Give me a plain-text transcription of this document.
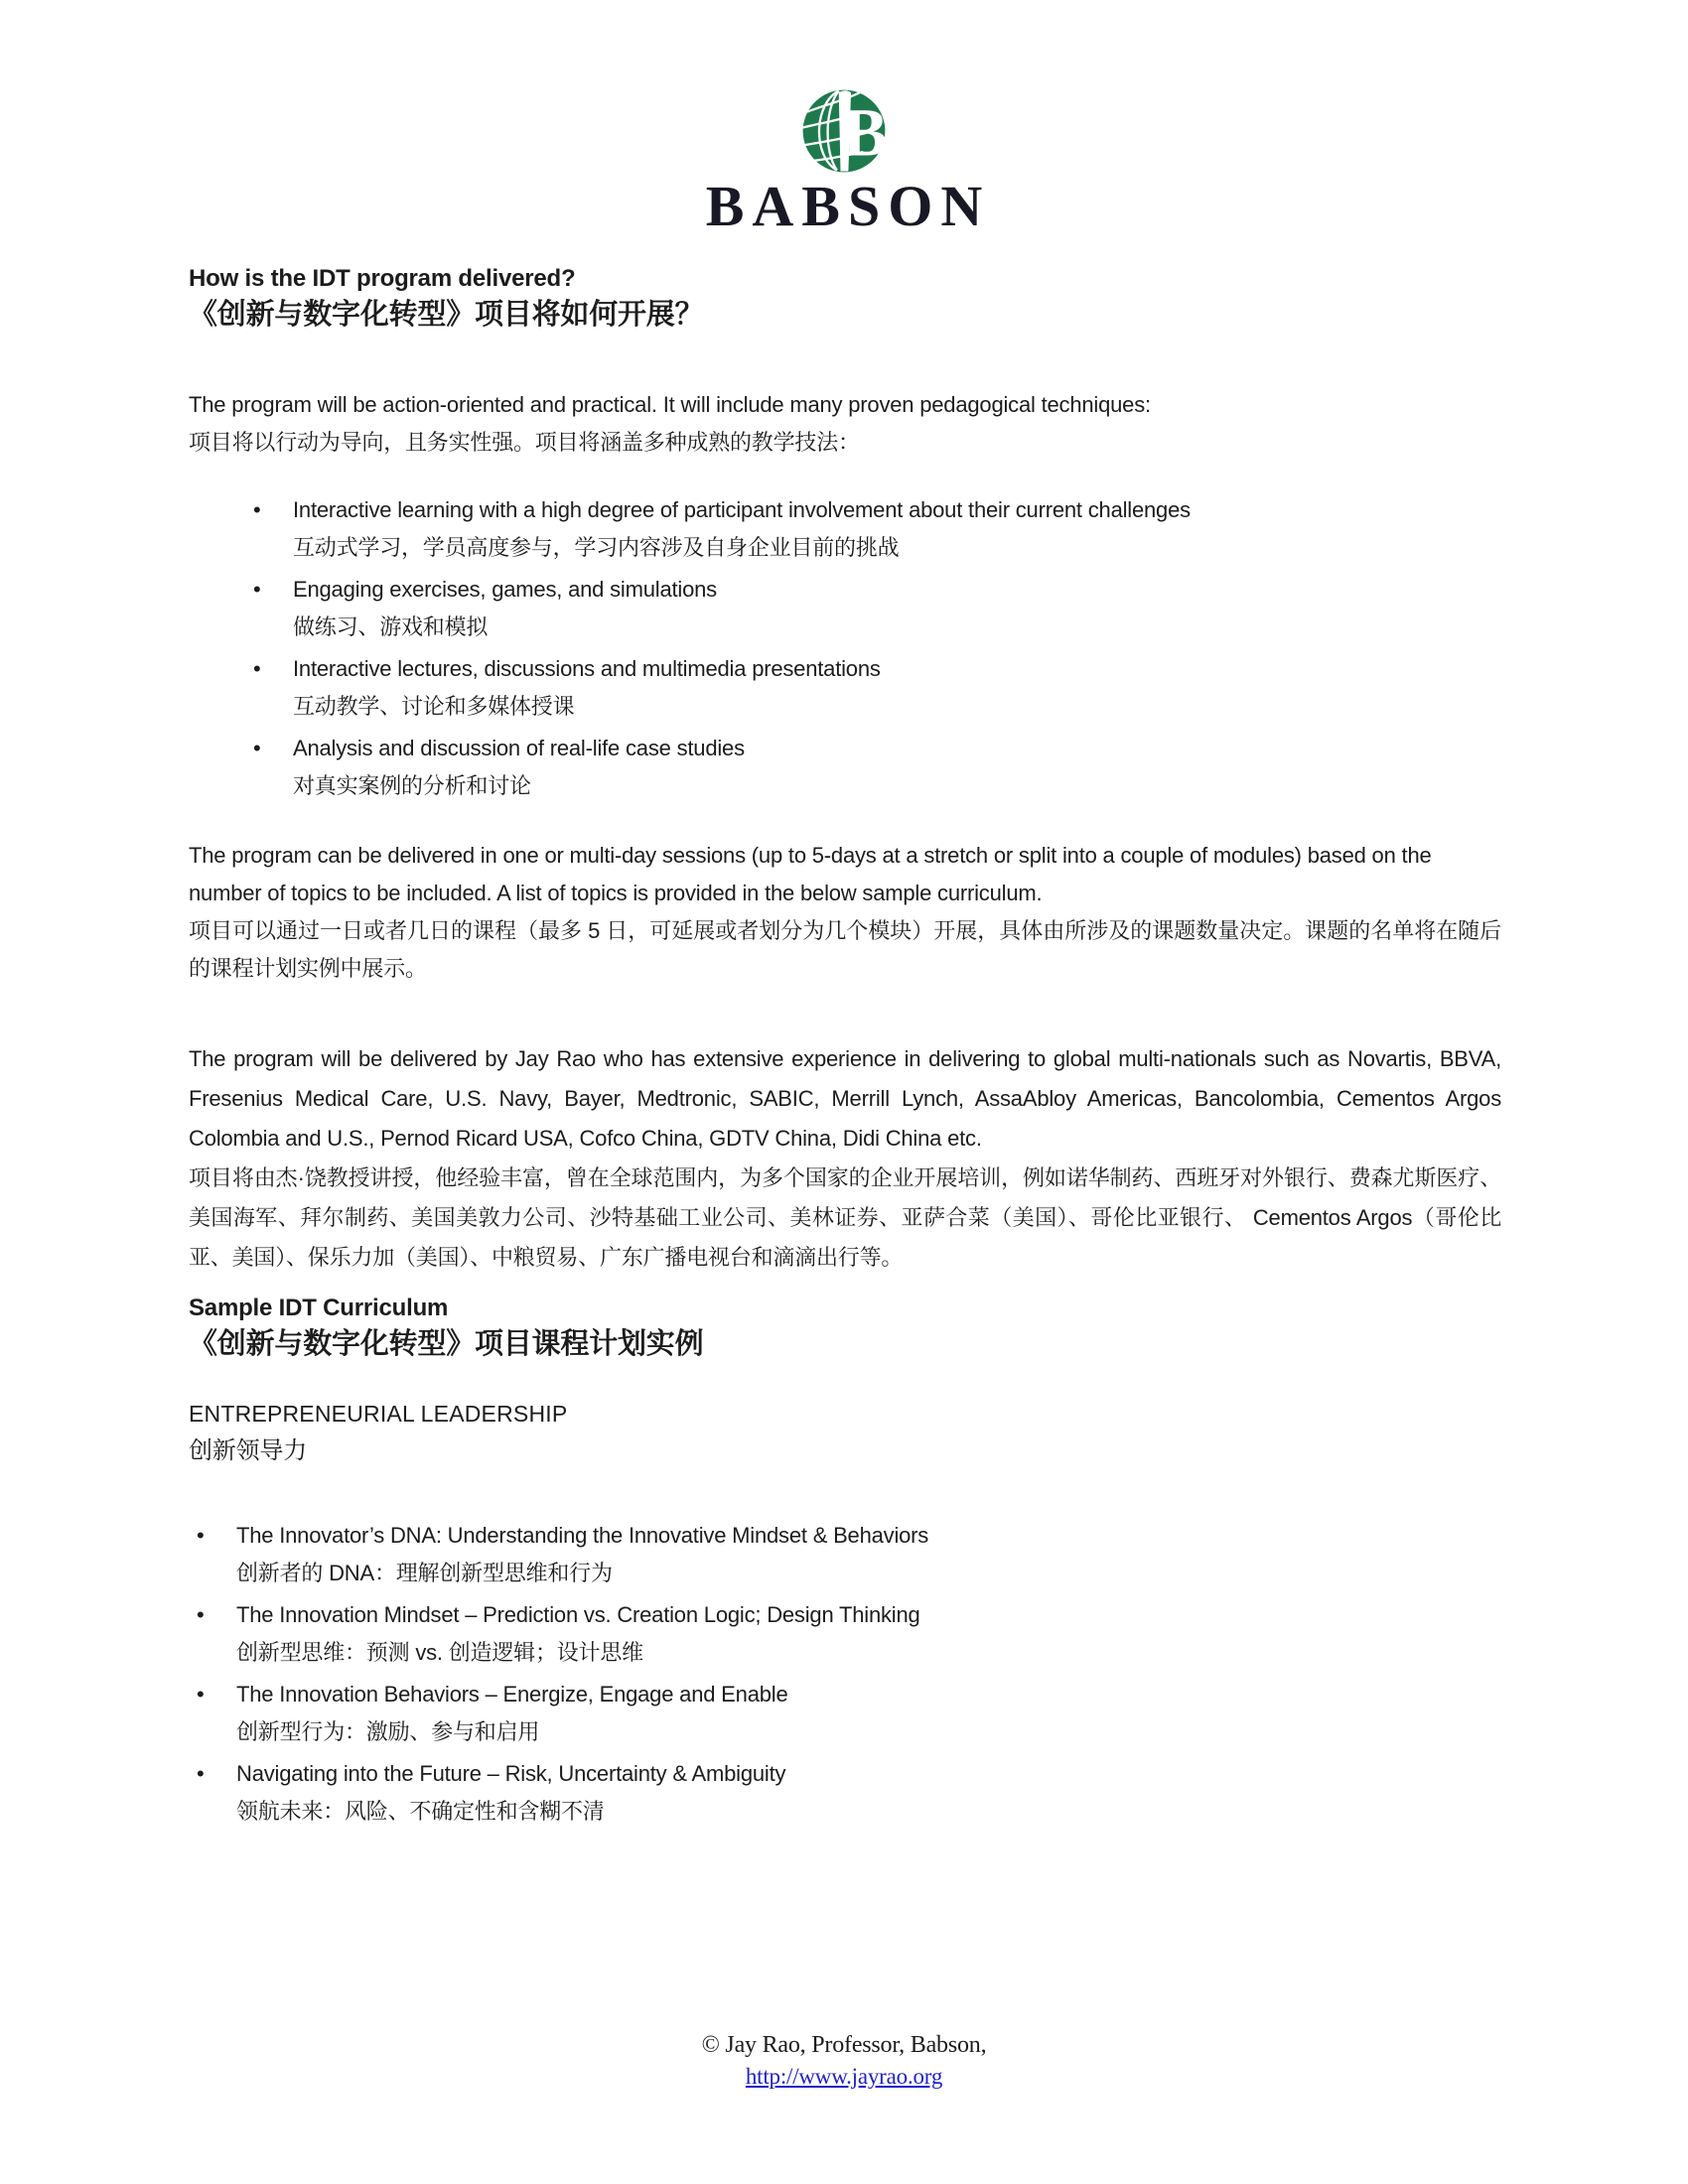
B
BABSON
How is the IDT program delivered?
《创新与数字化转型》项目将如何开展？
The program will be action-oriented and practical. It will include many proven pedagogical techniques:
项目将以行动为导向，且务实性强。项目将涵盖多种成熟的教学技法：
•	Interactive learning with a high degree of participant involvement about their current challenges
互动式学习，学员高度参与，学习内容涉及自身企业目前的挑战
•	Engaging exercises, games, and simulations
做练习、游戏和模拟
•	Interactive lectures, discussions and multimedia presentations
互动教学、讨论和多媒体授课
•	Analysis and discussion of real-life case studies
对真实案例的分析和讨论
The program can be delivered in one or multi-day sessions (up to 5-days at a stretch or split into a couple of modules) based on the number of topics to be included. A list of topics is provided in the below sample curriculum.
项目可以通过一日或者几日的课程（最多 5 日，可延展或者划分为几个模块）开展，具体由所涉及的课题数量决定。课题的名单将在随后的课程计划实例中展示。
The program will be delivered by Jay Rao who has extensive experience in delivering to global multi-nationals such as Novartis, BBVA, Fresenius Medical Care, U.S. Navy, Bayer, Medtronic, SABIC, Merrill Lynch, AssaAbloy Americas, Bancolombia, Cementos Argos Colombia and U.S., Pernod Ricard USA, Cofco China, GDTV China, Didi China etc.
项目将由杰·饶教授讲授，他经验丰富，曾在全球范围内，为多个国家的企业开展培训，例如诺华制药、西班牙对外银行、费森尤斯医疗、美国海军、拜尔制药、美国美敦力公司、沙特基础工业公司、美林证券、亚萨合菜（美国）、哥伦比亚银行、 Cementos Argos（哥伦比亚、美国）、保乐力加（美国）、中粮贸易、广东广播电视台和滴滴出行等。
Sample IDT Curriculum
《创新与数字化转型》项目课程计划实例
ENTREPRENEURIAL LEADERSHIP
创新领导力
•	The Innovator’s DNA: Understanding the Innovative Mindset & Behaviors
创新者的 DNA：理解创新型思维和行为
•	The Innovation Mindset – Prediction vs. Creation Logic; Design Thinking
创新型思维：预测 vs. 创造逻辑；设计思维
•	The Innovation Behaviors – Energize, Engage and Enable
创新型行为：激励、参与和启用
•	Navigating into the Future – Risk, Uncertainty & Ambiguity
领航未来：风险、不确定性和含糊不清
© Jay Rao, Professor, Babson,
http://www.jayrao.org
